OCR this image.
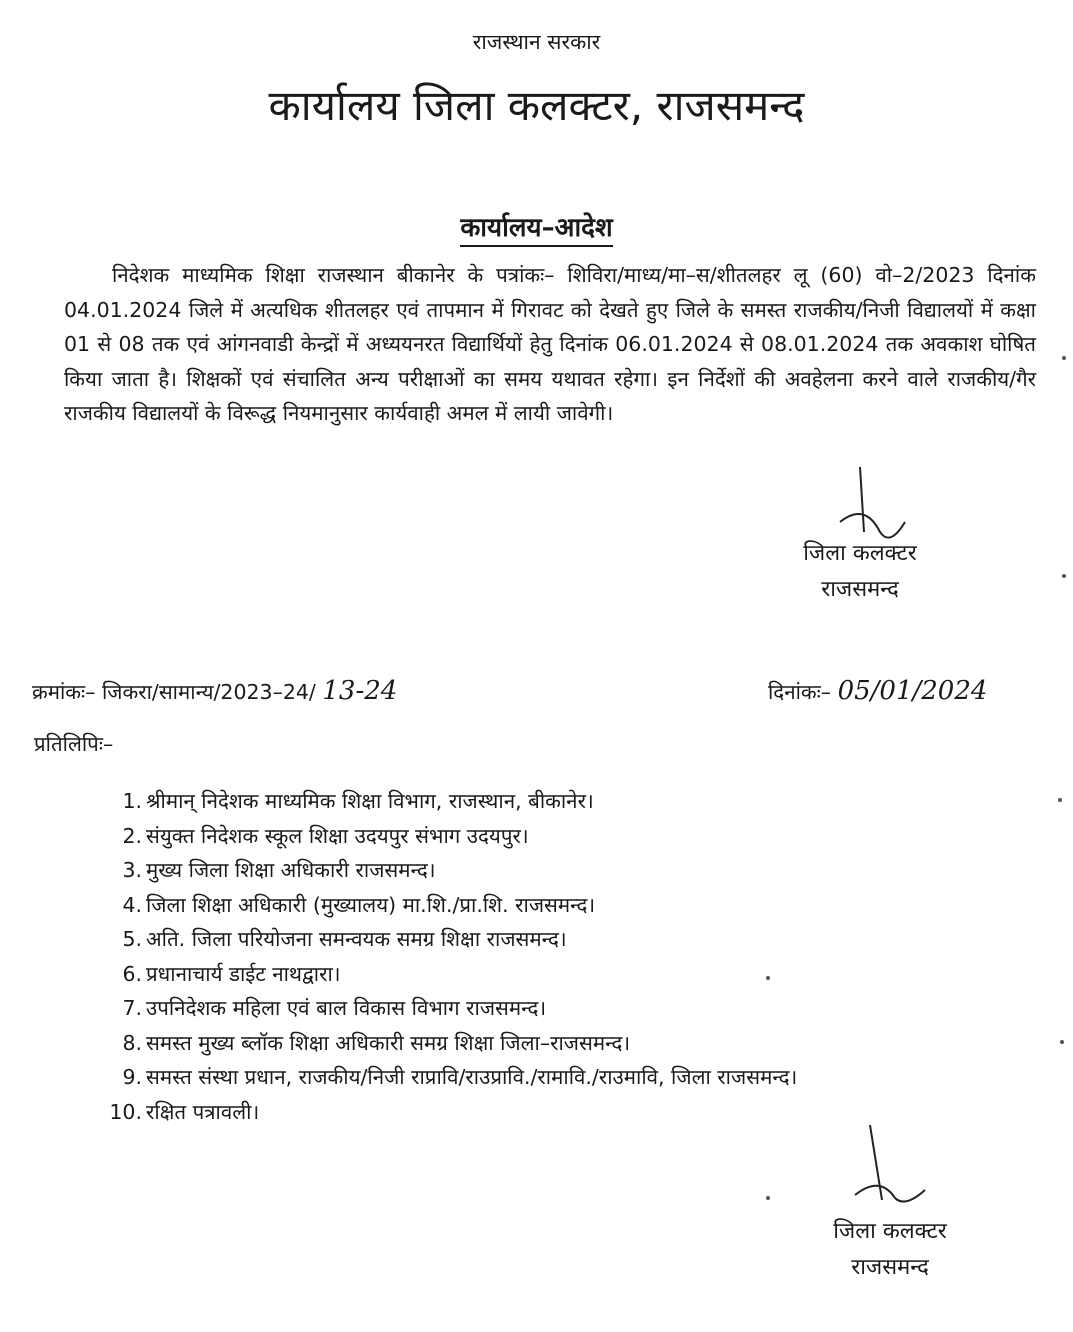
राजस्थान सरकार
कार्यालय जिला कलक्टर, राजसमन्द
कार्यालय–आदेश
निदेशक माध्यमिक शिक्षा राजस्थान बीकानेर के पत्रांकः– शिविरा/माध्य/मा–स/शीतलहर लू (60) वो–2/2023 दिनांक 04.01.2024 जिले में अत्यधिक शीतलहर एवं तापमान में गिरावट को देखते हुए जिले के समस्त राजकीय/निजी विद्यालयों में कक्षा 01 से 08 तक एवं आंगनवाडी केन्द्रों में अध्ययनरत विद्यार्थियों हेतु दिनांक 06.01.2024 से 08.01.2024 तक अवकाश घोषित किया जाता है। शिक्षकों एवं संचालित अन्य परीक्षाओं का समय यथावत रहेगा। इन निर्देशों की अवहेलना करने वाले राजकीय/गैर राजकीय विद्यालयों के विरूद्ध नियमानुसार कार्यवाही अमल में लायी जावेगी।
जिला कलक्टर
राजसमन्द
क्रमांकः– जिकरा/सामान्य/2023–24/ 13-24	दिनांकः– 05/01/2024
प्रतिलिपिः–
1. श्रीमान् निदेशक माध्यमिक शिक्षा विभाग, राजस्थान, बीकानेर।
2. संयुक्त निदेशक स्कूल शिक्षा उदयपुर संभाग उदयपुर।
3. मुख्य जिला शिक्षा अधिकारी राजसमन्द।
4. जिला शिक्षा अधिकारी (मुख्यालय) मा.शि./प्रा.शि. राजसमन्द।
5. अति. जिला परियोजना समन्वयक समग्र शिक्षा राजसमन्द।
6. प्रधानाचार्य डाईट नाथद्वारा।
7. उपनिदेशक महिला एवं बाल विकास विभाग राजसमन्द।
8. समस्त मुख्य ब्लॉक शिक्षा अधिकारी समग्र शिक्षा जिला–राजसमन्द।
9. समस्त संस्था प्रधान, राजकीय/निजी राप्रावि/राउप्रावि./रामावि./राउमावि, जिला राजसमन्द।
10. रक्षित पत्रावली।
जिला कलक्टर
राजसमन्द
